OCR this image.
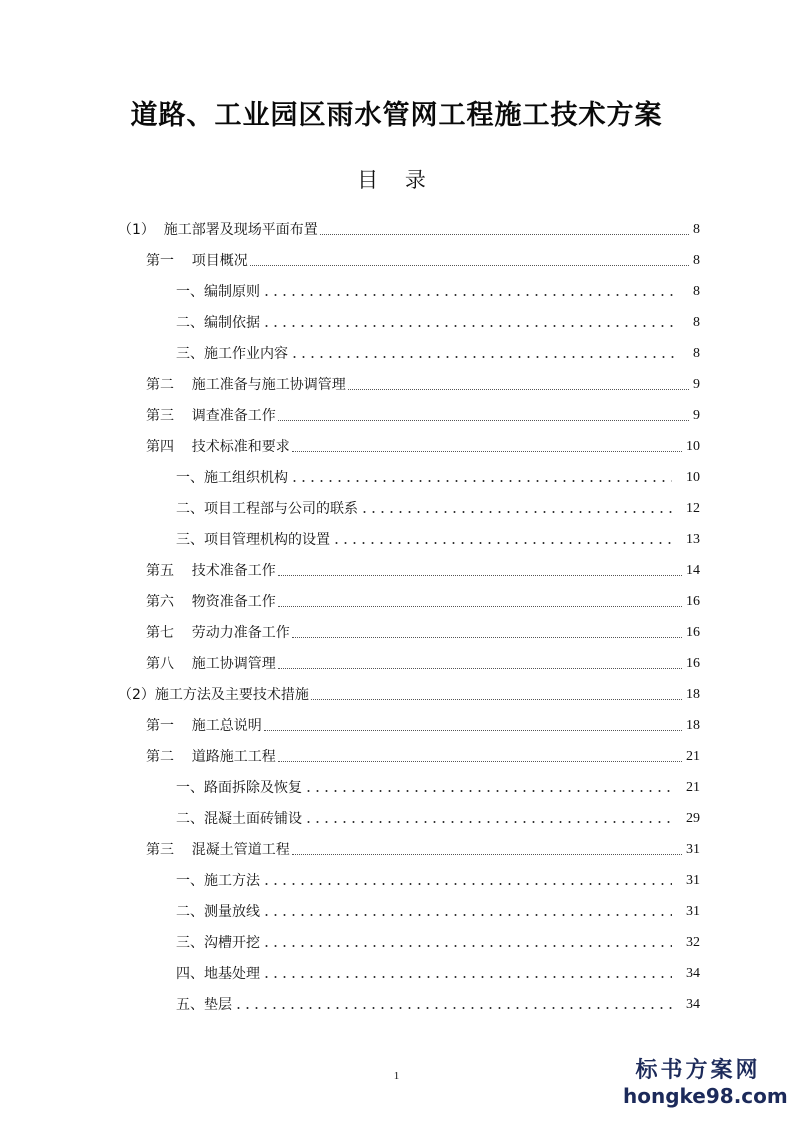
道路、工业园区雨水管网工程施工技术方案
目 录
（1）  施工部署及现场平面布置	8
第一    项目概况	8
一、编制原则	8
二、编制依据	8
三、施工作业内容	8
第二    施工准备与施工协调管理	9
第三    调查准备工作	9
第四    技术标准和要求	10
一、施工组织机构	10
二、项目工程部与公司的联系	12
三、项目管理机构的设置	13
第五    技术准备工作	14
第六    物资准备工作	16
第七    劳动力准备工作	16
第八    施工协调管理	16
（2）施工方法及主要技术措施	18
第一    施工总说明	18
第二    道路施工工程	21
一、路面拆除及恢复	21
二、混凝土面砖铺设	29
第三    混凝土管道工程	31
一、施工方法	31
二、测量放线	31
三、沟槽开挖	32
四、地基处理	34
五、垫层	34
1	标书方案网
hongke98.com
